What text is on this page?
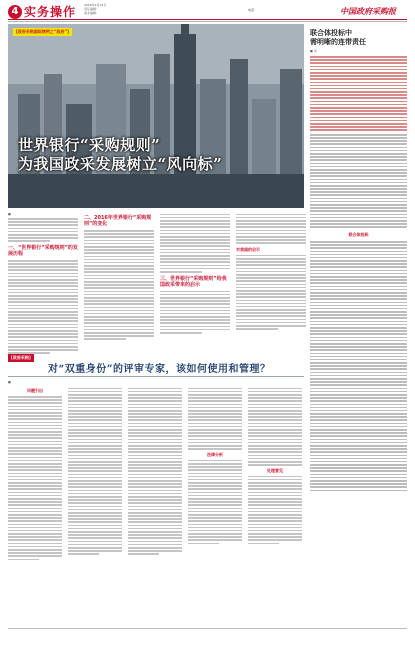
4 实务操作	2016年4月14日
责任编辑：
美术编辑：
电话：	中国政府采购报
[政府采购国际惯例之“政府”]
世界银行“采购规则”
为我国政采发展树立“风向标”
联合体投标中
需明晰的连带责任
■ 刘
联合体投标
■
一、“世界银行”采购规则”的发展历程
二、2016年世界银行“采购规则”的变化
三、世界银行“采购规则”给我国政采带来的启示
对我国的启示
[政府采购]
对“双重身份”的评审专家，该如何使用和管理？
■
问题引出
法律分析
处理意见
